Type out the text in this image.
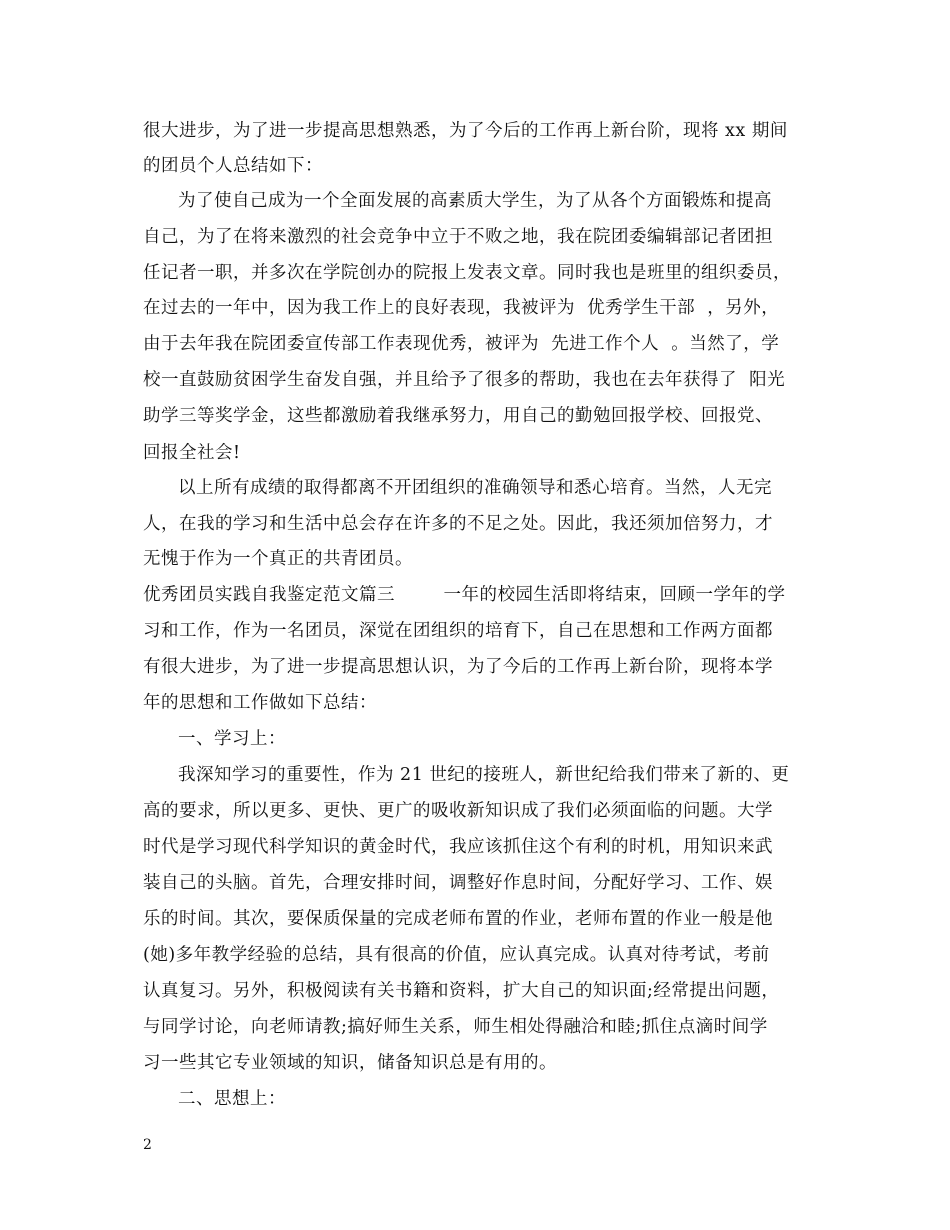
很大进步，为了进一步提高思想熟悉，为了今后的工作再上新台阶，现将 xx 期间
的团员个人总结如下：
为了使自己成为一个全面发展的高素质大学生，为了从各个方面锻炼和提高
自己，为了在将来激烈的社会竞争中立于不败之地，我在院团委编辑部记者团担
任记者一职，并多次在学院创办的院报上发表文章。同时我也是班里的组织委员，
在过去的一年中，因为我工作上的良好表现，我被评为  优秀学生干部  ，另外，
由于去年我在院团委宣传部工作表现优秀，被评为  先进工作个人  。当然了，学
校一直鼓励贫困学生奋发自强，并且给予了很多的帮助，我也在去年获得了  阳光
助学三等奖学金，这些都激励着我继承努力，用自己的勤勉回报学校、回报党、
回报全社会!
以上所有成绩的取得都离不开团组织的准确领导和悉心培育。当然，人无完
人，在我的学习和生活中总会存在许多的不足之处。因此，我还须加倍努力，才
无愧于作为一个真正的共青团员。
优秀团员实践自我鉴定范文篇三        一年的校园生活即将结束，回顾一学年的学
习和工作，作为一名团员，深觉在团组织的培育下，自己在思想和工作两方面都
有很大进步，为了进一步提高思想认识，为了今后的工作再上新台阶，现将本学
年的思想和工作做如下总结：
一、学习上：
我深知学习的重要性，作为 21 世纪的接班人，新世纪给我们带来了新的、更
高的要求，所以更多、更快、更广的吸收新知识成了我们必须面临的问题。大学
时代是学习现代科学知识的黄金时代，我应该抓住这个有利的时机，用知识来武
装自己的头脑。首先，合理安排时间，调整好作息时间，分配好学习、工作、娱
乐的时间。其次，要保质保量的完成老师布置的作业，老师布置的作业一般是他
(她)多年教学经验的总结，具有很高的价值，应认真完成。认真对待考试，考前
认真复习。另外，积极阅读有关书籍和资料，扩大自己的知识面;经常提出问题，
与同学讨论，向老师请教;搞好师生关系，师生相处得融洽和睦;抓住点滴时间学
习一些其它专业领域的知识，储备知识总是有用的。
二、思想上：
2
